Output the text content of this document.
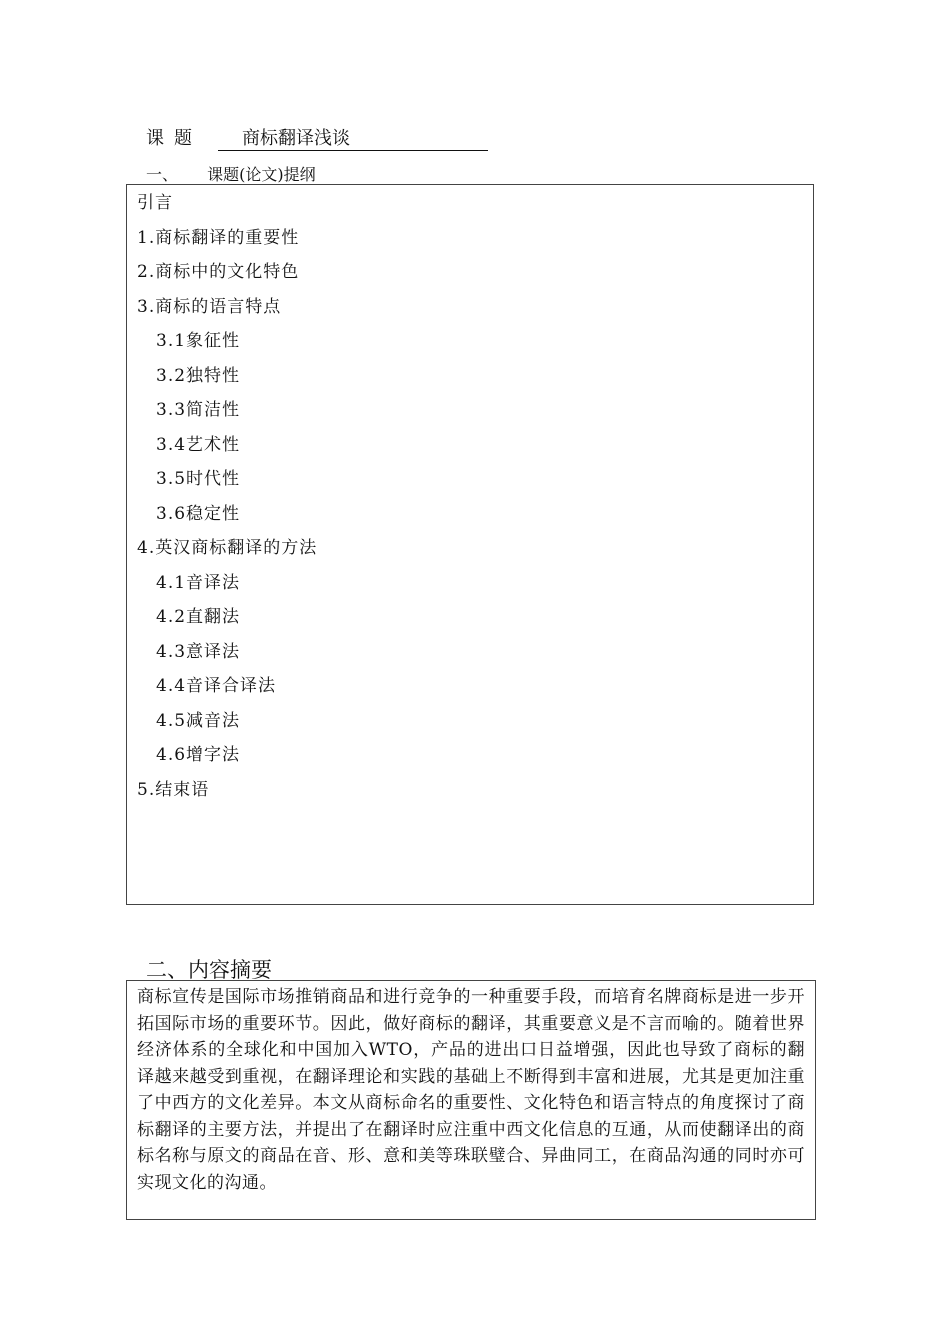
课题	商标翻译浅谈
一、 课题(论文)提纲
引言
1.商标翻译的重要性
2.商标中的文化特色
3.商标的语言特点
3.1象征性
3.2独特性
3.3简洁性
3.4艺术性
3.5时代性
3.6稳定性
4.英汉商标翻译的方法
4.1音译法
4.2直翻法
4.3意译法
4.4音译合译法
4.5减音法
4.6增字法
5.结束语
二、内容摘要

商标宣传是国际市场推销商品和进行竞争的一种重要手段，而培育名牌商标是进一步开拓国际市场的重要环节。因此，做好商标的翻译，其重要意义是不言而喻的。随着世界经济体系的全球化和中国加入WTO，产品的进出口日益增强，因此也导致了商标的翻译越来越受到重视，在翻译理论和实践的基础上不断得到丰富和进展，尤其是更加注重了中西方的文化差异。本文从商标命名的重要性、文化特色和语言特点的角度探讨了商标翻译的主要方法，并提出了在翻译时应注重中西文化信息的互通，从而使翻译出的商标名称与原文的商品在音、形、意和美等珠联璧合、异曲同工，在商品沟通的同时亦可实现文化的沟通。
